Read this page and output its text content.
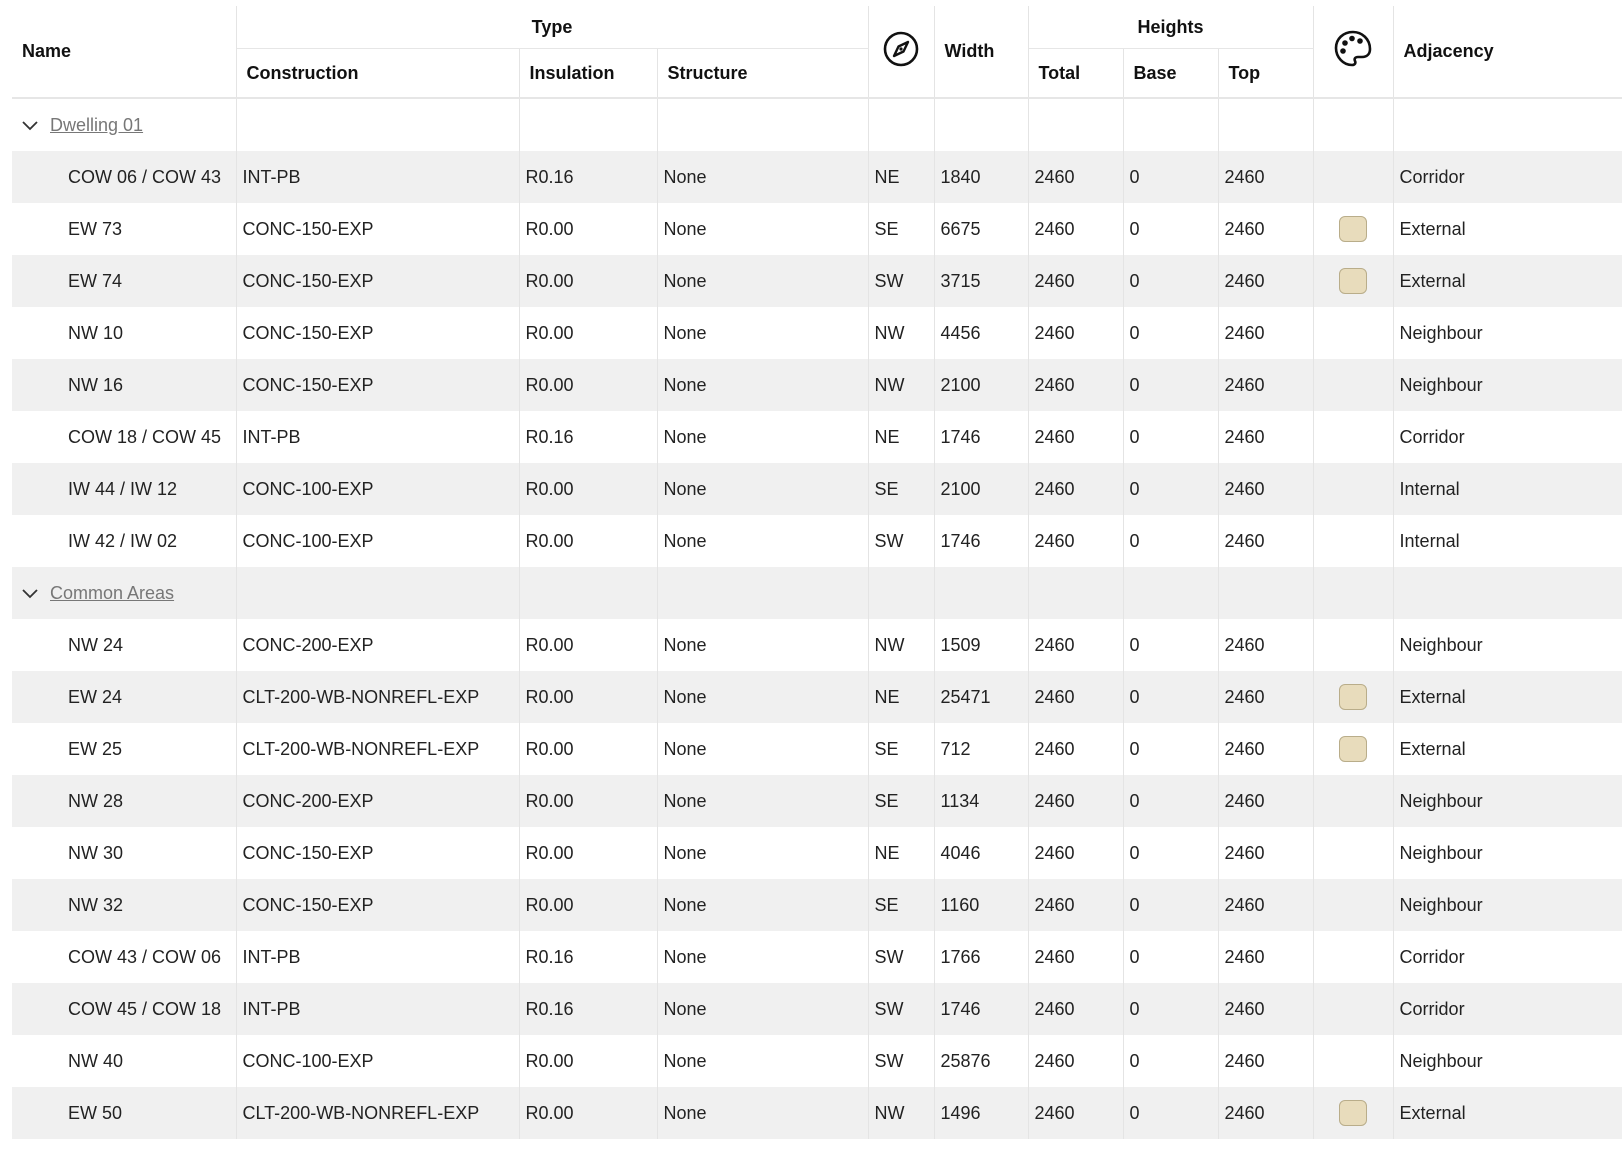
Name	Type				Width	Heights				Adjacency
	Construction	Insulation	Structure			Total	Base	Top		
Dwelling 01										
COW 06 / COW 43	INT-PB	R0.16	None	NE	1840	2460	0	2460		Corridor
EW 73	CONC-150-EXP	R0.00	None	SE	6675	2460	0	2460		External
EW 74	CONC-150-EXP	R0.00	None	SW	3715	2460	0	2460		External
NW 10	CONC-150-EXP	R0.00	None	NW	4456	2460	0	2460		Neighbour
NW 16	CONC-150-EXP	R0.00	None	NW	2100	2460	0	2460		Neighbour
COW 18 / COW 45	INT-PB	R0.16	None	NE	1746	2460	0	2460		Corridor
IW 44 / IW 12	CONC-100-EXP	R0.00	None	SE	2100	2460	0	2460		Internal
IW 42 / IW 02	CONC-100-EXP	R0.00	None	SW	1746	2460	0	2460		Internal
Common Areas										
NW 24	CONC-200-EXP	R0.00	None	NW	1509	2460	0	2460		Neighbour
EW 24	CLT-200-WB-NONREFL-EXP	R0.00	None	NE	25471	2460	0	2460		External
EW 25	CLT-200-WB-NONREFL-EXP	R0.00	None	SE	712	2460	0	2460		External
NW 28	CONC-200-EXP	R0.00	None	SE	1134	2460	0	2460		Neighbour
NW 30	CONC-150-EXP	R0.00	None	NE	4046	2460	0	2460		Neighbour
NW 32	CONC-150-EXP	R0.00	None	SE	1160	2460	0	2460		Neighbour
COW 43 / COW 06	INT-PB	R0.16	None	SW	1766	2460	0	2460		Corridor
COW 45 / COW 18	INT-PB	R0.16	None	SW	1746	2460	0	2460		Corridor
NW 40	CONC-100-EXP	R0.00	None	SW	25876	2460	0	2460		Neighbour
EW 50	CLT-200-WB-NONREFL-EXP	R0.00	None	NW	1496	2460	0	2460		External
